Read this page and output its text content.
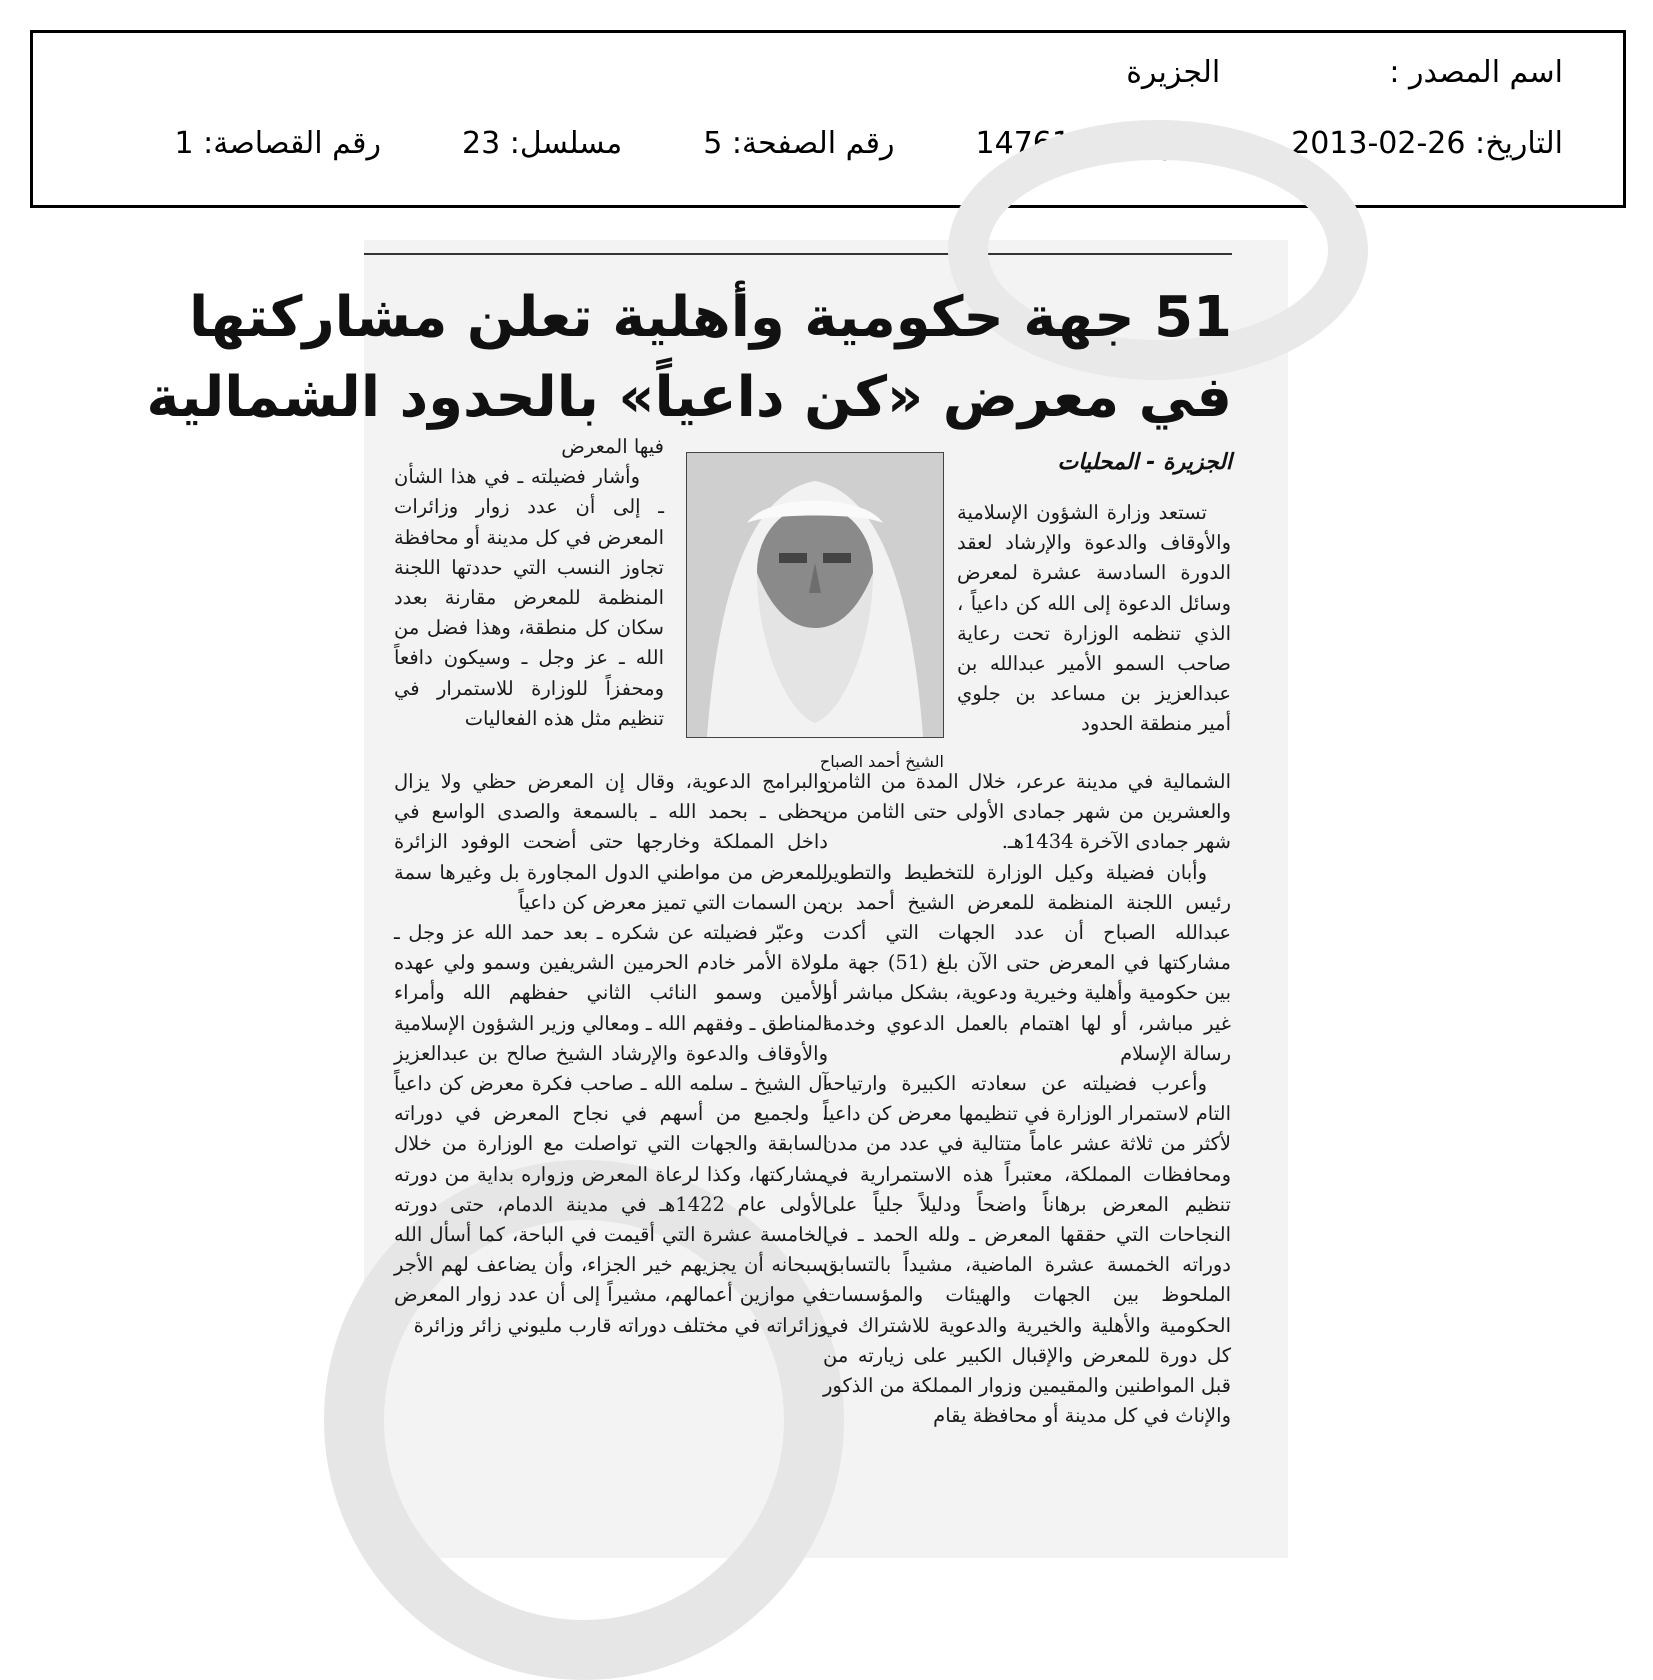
اسم المصدر :  الجزيرة
التاريخ: 2013-02-26   14761  رقم الصفحة: 5  مسلسل: 23  رقم القصاصة: 1
51 جهة حكومية وأهلية تعلن مشاركتها
في معرض «كن داعياً» بالحدود الشمالية
الجزيرة - المحليات
الشيخ أحمد الصباح

تستعد وزارة الشؤون الإسلامية والأوقاف والدعوة والإرشاد لعقد الدورة السادسة عشرة لمعرض وسائل الدعوة إلى الله كن داعياً ، الذي تنظمه الوزارة تحت رعاية صاحب السمو الأمير عبدالله بن عبدالعزيز بن مساعد بن جلوي أمير منطقة الحدود

فيها المعرض

وأشار فضيلته ـ في هذا الشأن ـ إلى أن عدد زوار وزائرات المعرض في كل مدينة أو محافظة تجاوز النسب التي حددتها اللجنة المنظمة للمعرض مقارنة بعدد سكان كل منطقة، وهذا فضل من الله ـ عز وجل ـ وسيكون دافعاً ومحفزاً للوزارة للاستمرار في تنظيم مثل هذه الفعاليات

الشمالية في مدينة عرعر، خلال المدة من الثامن والعشرين من شهر جمادى الأولى حتى الثامن من شهر جمادى الآخرة 1434هـ.

وأبان فضيلة وكيل الوزارة للتخطيط والتطوير رئيس اللجنة المنظمة للمعرض الشيخ أحمد بن عبدالله الصباح أن عدد الجهات التي أكدت مشاركتها في المعرض حتى الآن بلغ (51) جهة ما بين حكومية وأهلية وخيرية ودعوية، بشكل مباشر أو غير مباشر، أو لها اهتمام بالعمل الدعوي وخدمة رسالة الإسلام

وأعرب فضيلته عن سعادته الكبيرة وارتياحه التام لاستمرار الوزارة في تنظيمها معرض كن داعياً لأكثر من ثلاثة عشر عاماً متتالية في عدد من مدن ومحافظات المملكة، معتبراً هذه الاستمرارية في تنظيم المعرض برهاناً واضحاً ودليلاً جلياً على النجاحات التي حققها المعرض ـ ولله الحمد ـ في دوراته الخمسة عشرة الماضية، مشيداً بالتسابق الملحوظ بين الجهات والهيئات والمؤسسات الحكومية والأهلية والخيرية والدعوية للاشتراك في كل دورة للمعرض والإقبال الكبير على زيارته من قبل المواطنين والمقيمين وزوار المملكة من الذكور والإناث في كل مدينة أو محافظة يقام

والبرامج الدعوية، وقال إن المعرض حظي ولا يزال يحظى ـ بحمد الله ـ بالسمعة والصدى الواسع في داخل المملكة وخارجها حتى أضحت الوفود الزائرة للمعرض من مواطني الدول المجاورة بل وغيرها سمة من السمات التي تميز معرض كن داعياً

وعبّر فضيلته عن شكره ـ بعد حمد الله عز وجل ـ لولاة الأمر خادم الحرمين الشريفين وسمو ولي عهده الأمين وسمو النائب الثاني حفظهم الله وأمراء المناطق ـ وفقهم الله ـ ومعالي وزير الشؤون الإسلامية والأوقاف والدعوة والإرشاد الشيخ صالح بن عبدالعزيز آل الشيخ ـ سلمه الله ـ صاحب فكرة معرض كن داعياً ، ولجميع من أسهم في نجاح المعرض في دوراته السابقة والجهات التي تواصلت مع الوزارة من خلال مشاركتها، وكذا لرعاة المعرض وزواره بداية من دورته الأولى عام 1422هـ في مدينة الدمام، حتى دورته الخامسة عشرة التي أقيمت في الباحة، كما أسأل الله سبحانه أن يجزيهم خير الجزاء، وأن يضاعف لهم الأجر في موازين أعمالهم، مشيراً إلى أن عدد زوار المعرض وزائراته في مختلف دوراته قارب مليوني زائر وزائرة
